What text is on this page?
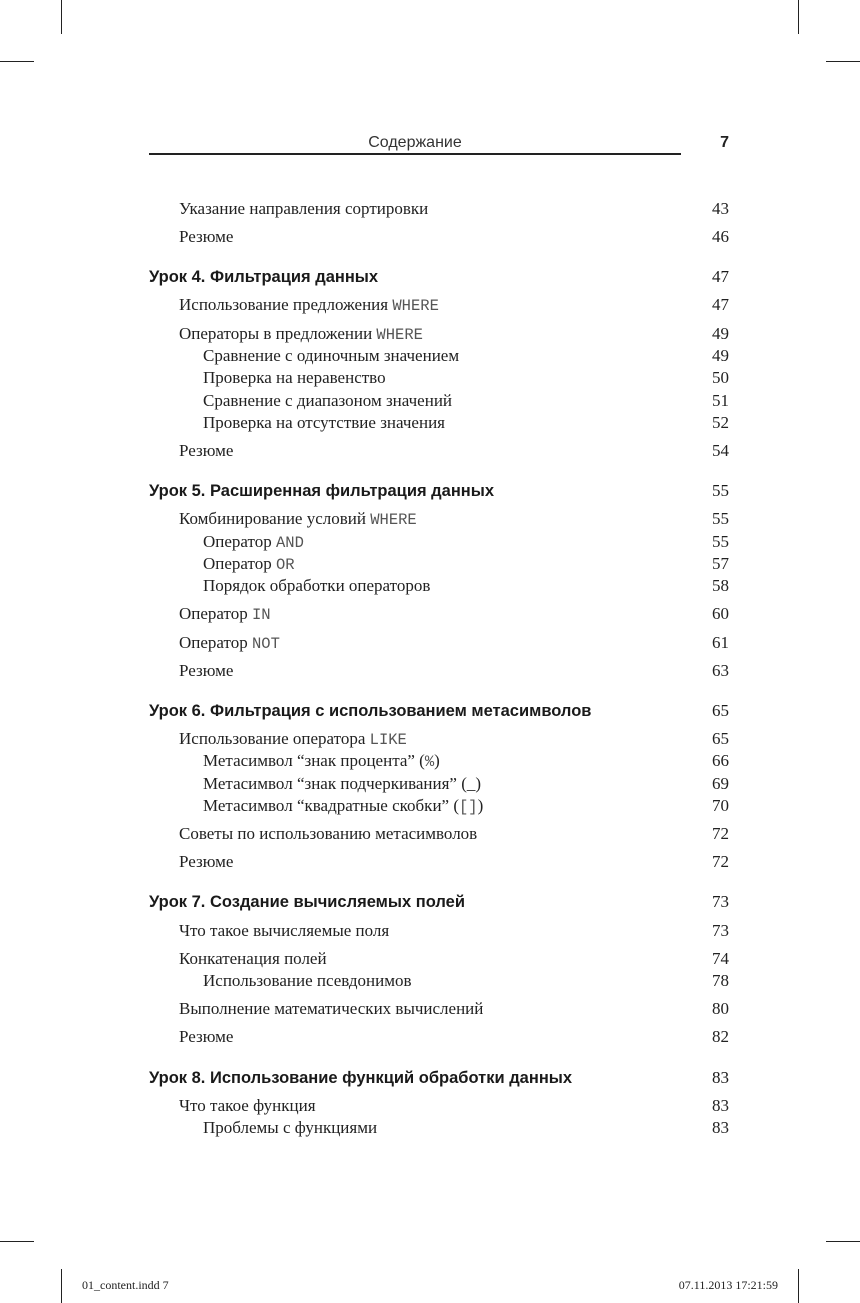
Содержание	7
Указание направления сортировки	43
Резюме	46
Урок 4. Фильтрация данных	47
Использование предложения WHERE	47
Операторы в предложении WHERE	49
Сравнение с одиночным значением	49
Проверка на неравенство	50
Сравнение с диапазоном значений	51
Проверка на отсутствие значения	52
Резюме	54
Урок 5. Расширенная фильтрация данных	55
Комбинирование условий WHERE	55
Оператор AND	55
Оператор OR	57
Порядок обработки операторов	58
Оператор IN	60
Оператор NOT	61
Резюме	63
Урок 6. Фильтрация с использованием метасимволов	65
Использование оператора LIKE	65
Метасимвол “знак процента” (%)	66
Метасимвол “знак подчеркивания” (_)	69
Метасимвол “квадратные скобки” ([])	70
Советы по использованию метасимволов	72
Резюме	72
Урок 7. Создание вычисляемых полей	73
Что такое вычисляемые поля	73
Конкатенация полей	74
Использование псевдонимов	78
Выполнение математических вычислений	80
Резюме	82
Урок 8. Использование функций обработки данных	83
Что такое функция	83
Проблемы с функциями	83
01_content.indd 7	07.11.2013 17:21:59
